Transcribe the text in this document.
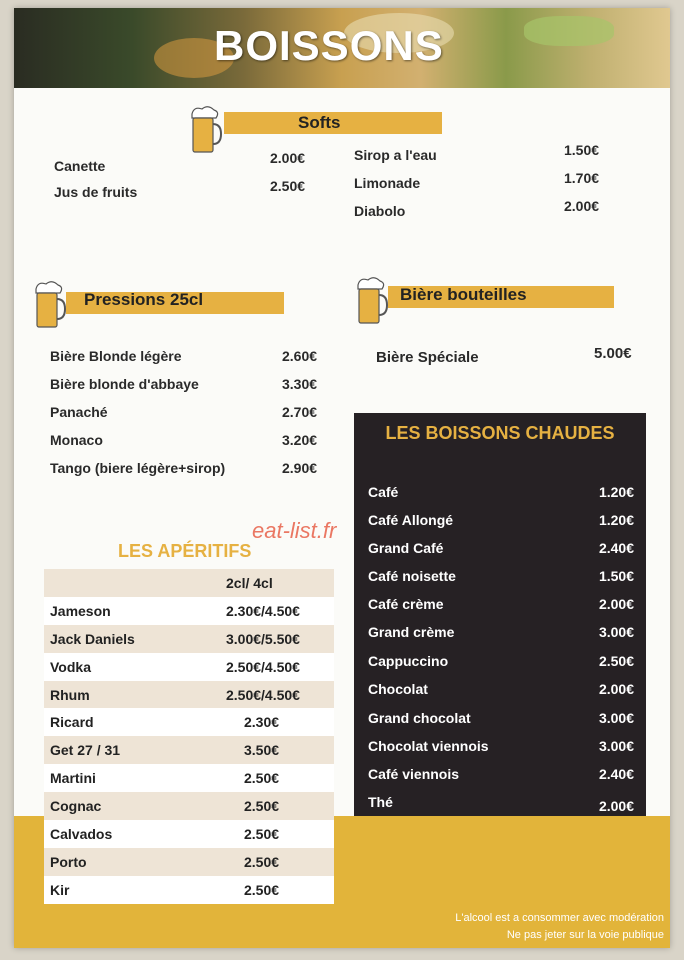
BOISSONS
Softs
Canette	2.00€
Jus de fruits	2.50€
Sirop a l'eau	1.50€
Limonade	1.70€
Diabolo	2.00€
Pressions 25cl
Bière Blonde légère	2.60€
Bière blonde d'abbaye	3.30€
Panaché	2.70€
Monaco	3.20€
Tango (biere légère+sirop)	2.90€
Bière bouteilles
Bière Spéciale	5.00€
LES BOISSONS CHAUDES
Café	1.20€
Café Allongé	1.20€
Grand Café	2.40€
Café noisette	1.50€
Café crème	2.00€
Grand crème	3.00€
Cappuccino	2.50€
Chocolat	2.00€
Grand chocolat	3.00€
Chocolat viennois	3.00€
Café viennois	2.40€
Thé	2.00€
LES APÉRITIFS
2cl/ 4cl
Jameson	2.30€/4.50€
Jack Daniels	3.00€/5.50€
Vodka	2.50€/4.50€
Rhum	2.50€/4.50€
Ricard	2.30€
Get 27 / 31	3.50€
Martini	2.50€
Cognac	2.50€
Calvados	2.50€
Porto	2.50€
Kir	2.50€
eat-list.fr
L'alcool est a consommer avec modération
Ne pas jeter sur la voie publique
